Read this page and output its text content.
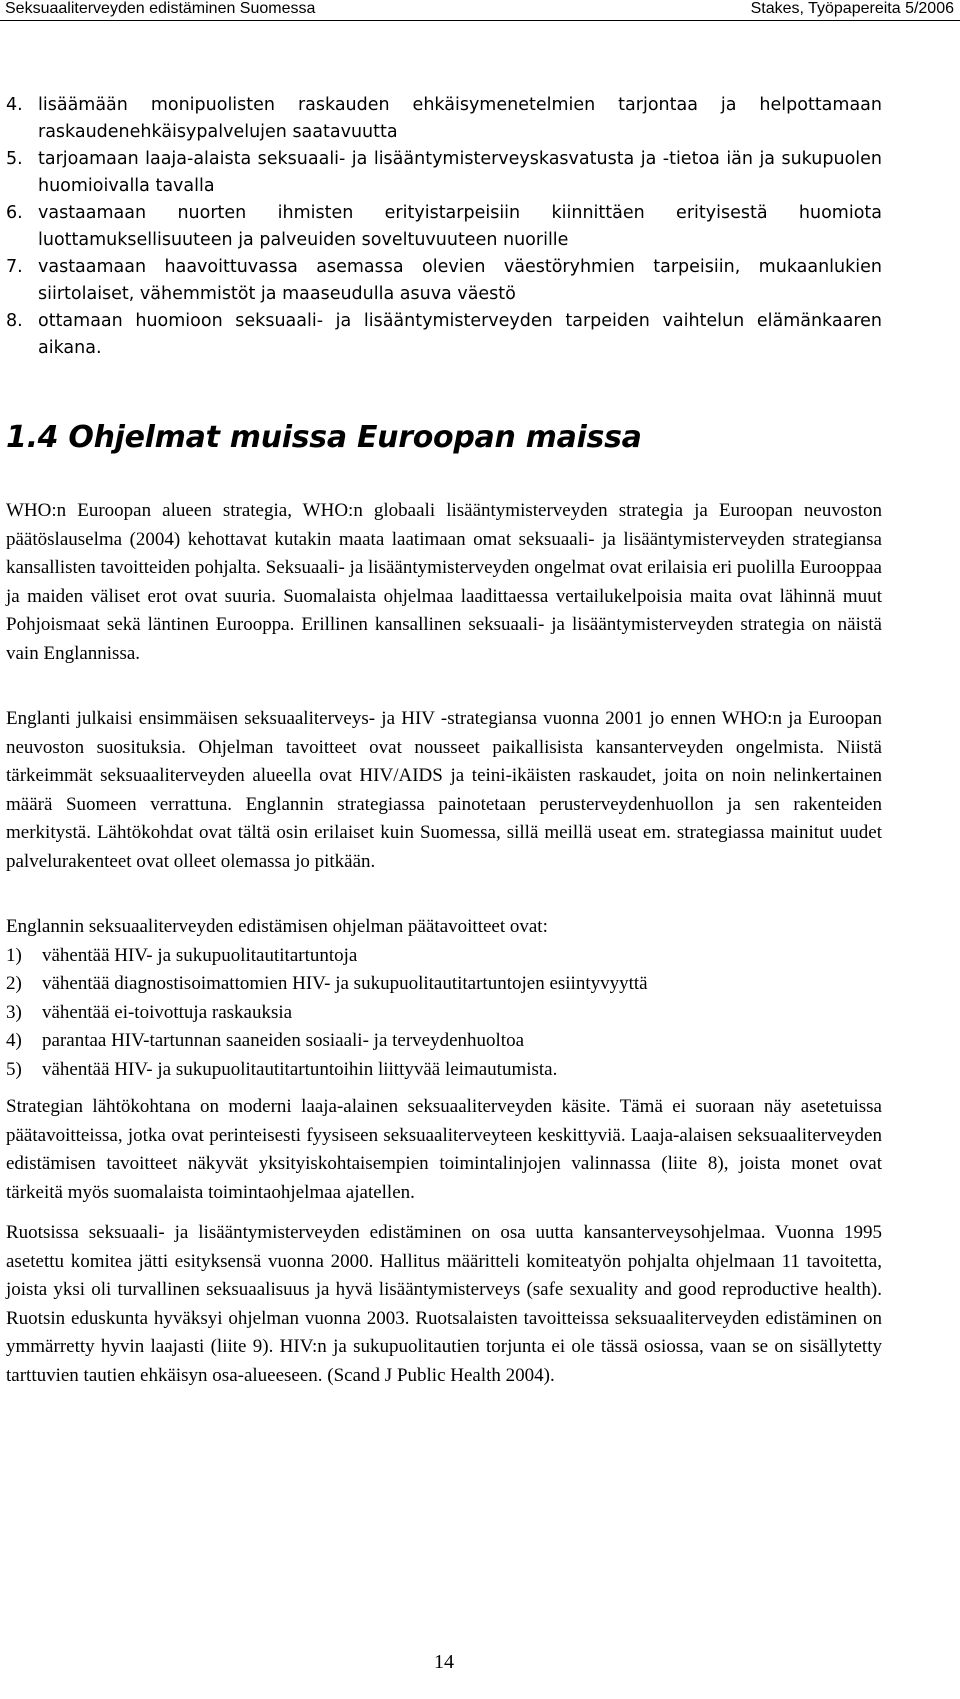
Seksuaaliterveyden edistäminen Suomessa	Stakes, Työpapereita 5/2006
4. lisäämään monipuolisten raskauden ehkäisymenetelmien tarjontaa ja helpottamaan raskaudenehkäisypalvelujen saatavuutta
5. tarjoamaan laaja-alaista seksuaali- ja lisääntymisterveyskasvatusta ja -tietoa iän ja sukupuolen huomioivalla tavalla
6. vastaamaan nuorten ihmisten erityistarpeisiin kiinnittäen erityisestä huomiota luottamuksellisuuteen ja palveuiden soveltuvuuteen nuorille
7. vastaamaan haavoittuvassa asemassa olevien väestöryhmien tarpeisiin, mukaanlukien siirtolaiset, vähemmistöt ja maaseudulla asuva väestö
8. ottamaan huomioon seksuaali- ja lisääntymisterveyden tarpeiden vaihtelun elämänkaaren aikana.
1.4 Ohjelmat muissa Euroopan maissa

WHO:n Euroopan alueen strategia, WHO:n globaali lisääntymisterveyden strategia ja Euroopan neuvoston päätöslauselma (2004) kehottavat kutakin maata laatimaan omat seksuaali- ja lisääntymisterveyden strategiansa kansallisten tavoitteiden pohjalta. Seksuaali- ja lisääntymisterveyden ongelmat ovat erilaisia eri puolilla Eurooppaa ja maiden väliset erot ovat suuria. Suomalaista ohjelmaa laadittaessa vertailukelpoisia maita ovat lähinnä muut Pohjoismaat sekä läntinen Eurooppa. Erillinen kansallinen seksuaali- ja lisääntymisterveyden strategia on näistä vain Englannissa.

Englanti julkaisi ensimmäisen seksuaaliterveys- ja HIV -strategiansa vuonna 2001 jo ennen WHO:n ja Euroopan neuvoston suosituksia. Ohjelman tavoitteet ovat nousseet paikallisista kansanterveyden ongelmista. Niistä tärkeimmät seksuaaliterveyden alueella ovat HIV/AIDS ja teini-ikäisten raskaudet, joita on noin nelinkertainen määrä Suomeen verrattuna. Englannin strategiassa painotetaan perusterveydenhuollon ja sen rakenteiden merkitystä. Lähtökohdat ovat tältä osin erilaiset kuin Suomessa, sillä meillä useat em. strategiassa mainitut uudet palvelurakenteet ovat olleet olemassa jo pitkään.

Englannin seksuaaliterveyden edistämisen ohjelman päätavoitteet ovat:

1) vähentää HIV- ja sukupuolitautitartuntoja
2) vähentää diagnostisoimattomien HIV- ja sukupuolitautitartuntojen esiintyvyyttä
3) vähentää ei-toivottuja raskauksia
4) parantaa HIV-tartunnan saaneiden sosiaali- ja terveydenhuoltoa
5) vähentää HIV- ja sukupuolitautitartuntoihin liittyvää leimautumista.

Strategian lähtökohtana on moderni laaja-alainen seksuaaliterveyden käsite. Tämä ei suoraan näy asetetuissa päätavoitteissa, jotka ovat perinteisesti fyysiseen seksuaaliterveyteen keskittyviä. Laaja-alaisen seksuaaliterveyden edistämisen tavoitteet näkyvät yksityiskohtaisempien toimintalinjojen valinnassa (liite 8), joista monet ovat tärkeitä myös suomalaista toimintaohjelmaa ajatellen.

Ruotsissa seksuaali- ja lisääntymisterveyden edistäminen on osa uutta kansanterveysohjelmaa. Vuonna 1995 asetettu komitea jätti esityksensä vuonna 2000. Hallitus määritteli komiteatyön pohjalta ohjelmaan 11 tavoitetta, joista yksi oli turvallinen seksuaalisuus ja hyvä lisääntymisterveys (safe sexuality and good reproductive health). Ruotsin eduskunta hyväksyi ohjelman vuonna 2003. Ruotsalaisten tavoitteissa seksuaaliterveyden edistäminen on ymmärretty hyvin laajasti (liite 9). HIV:n ja sukupuolitautien torjunta ei ole tässä osiossa, vaan se on sisällytetty tarttuvien tautien ehkäisyn osa-alueeseen. (Scand J Public Health 2004).

14
